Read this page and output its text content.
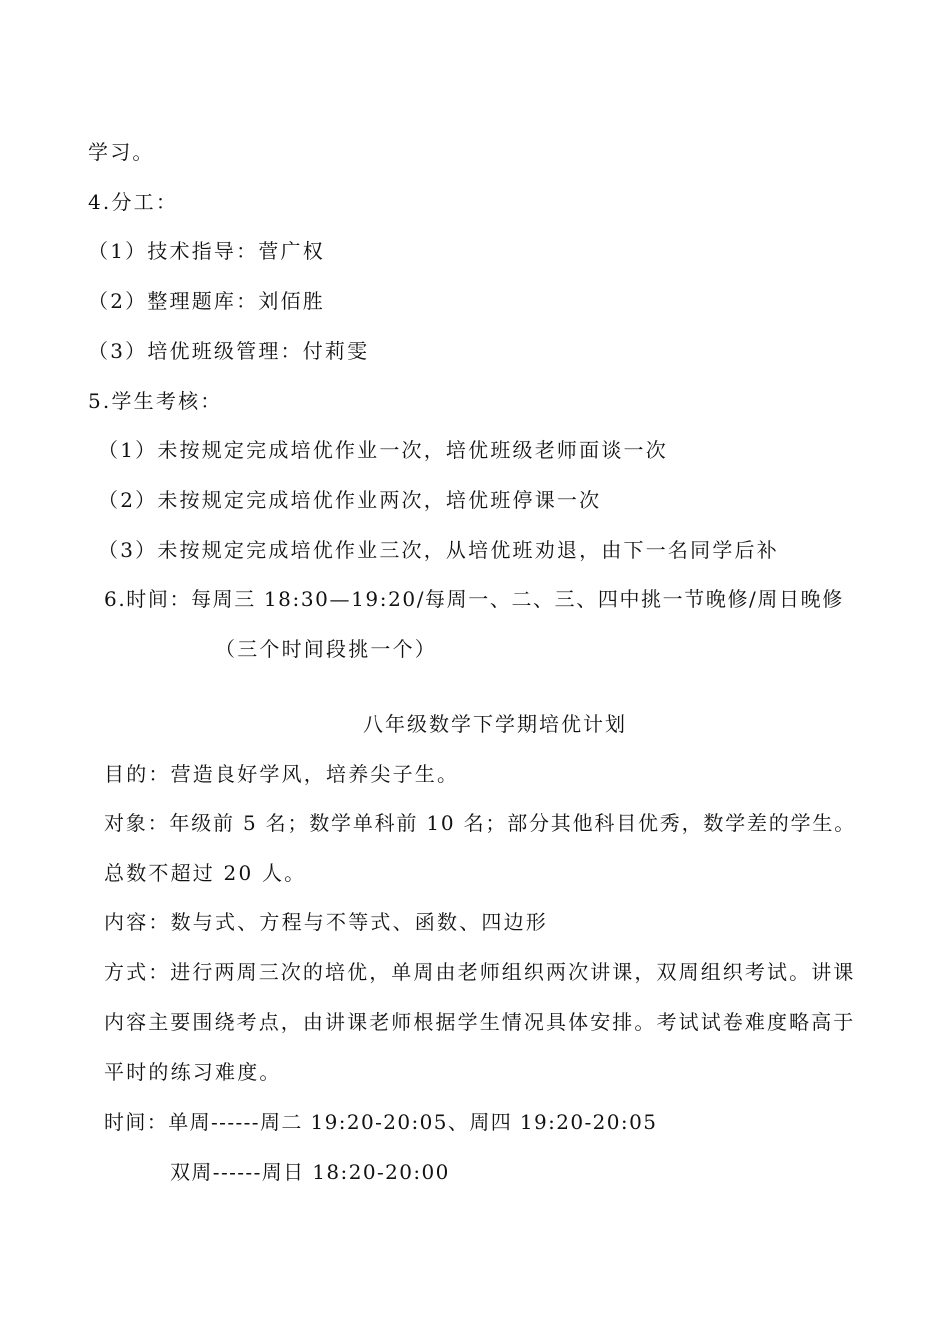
学习。
4.分工：
（1）技术指导：菅广权
（2）整理题库：刘佰胜
（3）培优班级管理：付莉雯
5.学生考核：
（1）未按规定完成培优作业一次，培优班级老师面谈一次
（2）未按规定完成培优作业两次，培优班停课一次
（3）未按规定完成培优作业三次，从培优班劝退，由下一名同学后补
6.时间：每周三 18:30—19:20/每周一、二、三、四中挑一节晚修/周日晚修
（三个时间段挑一个）
八年级数学下学期培优计划
目的：营造良好学风，培养尖子生。
对象：年级前 5 名；数学单科前 10 名；部分其他科目优秀，数学差的学生。
总数不超过 20 人。
内容：数与式、方程与不等式、函数、四边形
方式：进行两周三次的培优，单周由老师组织两次讲课，双周组织考试。讲课
内容主要围绕考点，由讲课老师根据学生情况具体安排。考试试卷难度略高于
平时的练习难度。
时间：单周------周二 19:20-20:05、周四 19:20-20:05
双周------周日 18:20-20:00
